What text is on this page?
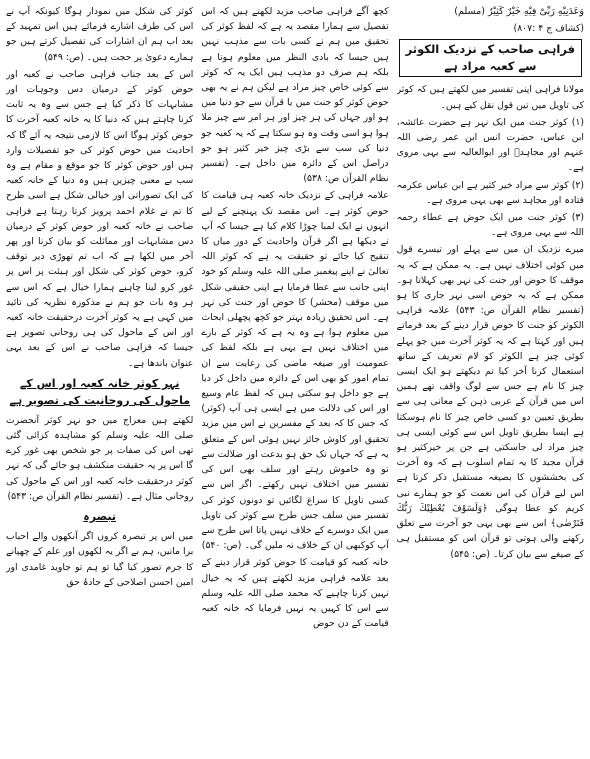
وَعَدَنِیْهِ رَبِّیْ فِیْهِ خَیْرٌ كَثِیْرٌ (مسلم)

(کشاف ج ۴ :۸۰۷)

فراہی صاحب کے نزدیک الکوثر سے کعبہ مراد ہے

مولانا فراہی اپنی تفسیر میں لکھتے ہیں کہ کوثر کی تاویل میں تین قول نقل کیے ہیں۔

(۱) کوثر جنت میں ایک نہر ہے حضرت عائشہ، ابن عباس، حضرت انس ابن عمر رضی اللہ عنہم اور مجاہدؒ اور ابوالعالیہ سے یہی مروی ہے۔

(۲) کوثر سے مراد خیر کثیر ہے ابن عباس عکرمہ قتادہ اور مجاہد سے بھی یہی مروی ہے۔

(۳) کوثر جنت میں ایک حوض ہے عطاء رحمہ اللہ سے یہی مروی ہے۔

میرے نزدیک ان میں سے پہلے اور تیسرے قول میں کوئی اختلاف نہیں ہے۔ یہ ممکن ہے کہ یہ موقف کا حوض اور جنت کی نہر بھی کہلاتا ہو۔ ممکن ہے کہ یہ حوض اسی نہر جاری کا ہو (تفسیر نظام القرآن ص: ۵۴۳) علامہ فراہی الکوثر کو جنت کا حوض قرار دینے کے بعد فرماتے ہیں اور کہتا ہے کہ یہ کوثر آخرت میں جو پہلے کوئی چیز ہے الکوثر کو لام تعریف کے ساتھ استعمال کرنا آخر کیا تم دیکھتے ہو ایک ایسی چیز کا نام ہے جس سے لوگ واقف تھے ہمیں اس میں قرآن کے عربی ذہن کے معانی ہی سے بطریق تعیین دو کسی خاص چیز کا نام ہوسکتا ہے ایسا بطریق تاویل اس سے کوئی ایسی ہی چیز مراد لی جاسکتی ہے جن پر خیرکثیر ہو قرآن مجید کا یہ تمام اسلوب ہے کہ وہ آخرت کی بخششوں کا بصیغہ مستقبل ذکر کرتا ہے اس لیے قرآن کی اس نعمت کو جو ہمارے نبی کریم کو عطا ہوگی ﴿وَلَسَوْفَ یُعْطِیْكَ رَبُّكَ فَتَرْضٰى﴾ اس سے بھی یہی جو آخرت سے تعلق رکھنے والی ہوتی تو قرآن اس کو مستقبل ہی کے صیغے سے بیان کرتا۔ (ص: ۵۴۵)

کچھ آگے فراہی صاحب مزید لکھتے ہیں کہ اس تفصیل سے ہمارا مقصد یہ ہے کہ لفظ کوثر کی تحقیق میں ہم نے کسی بات سے مذہب نہیں ہیں جیسا کہ بادی النظر میں معلوم ہوتا ہے بلکہ ہم صرف دو مذہب ہیں ایک یہ کہ کوثر سے کوئی خاص چیز مراد ہے لیکن ہم نے یہ بھی حوض کوثر کو جنت میں یا قرآن سے جو دنیا میں ہو اور جہاں کی ہر چیز اور ہر امر سے چیز ملا ہوا ہو اسی وقت وہ ہو سکتا ہے کہ یہ کعبہ جو دنیا کی سب سے بڑی چیز خیر کثیر ہو جو دراصل اس کے دائرہ میں داخل ہے۔ (تفسیر نظام القرآن ص: ۵۳۸)

علامہ فراہی کے نزدیک خانہ کعبہ ہی قیامت کا حوض کوثر ہے۔ اس مقصد تک پہنچنے کے لیے انہوں نے ایک لمبا چوڑا کلام کیا ہے جیسا کہ آپ نے دیکھا ہے اگر قرآن واحادیث کے دور میاں کا تنقیح کیا جائے تو حقیقت یہ ہے کہ کوثر اللہ تعالیٰ نے اپنے پیغمبر صلی اللہ علیہ وسلم کو خود اپنی جانب سے عطا فرمایا ہے اپنی حقیقی شکل میں موقف (محشر) کا حوض اور جنت کی نہر ہے۔ اس تحقیق زیادہ بہتر جو کچھ پچھلی ابحاث میں معلوم ہوا ہے وہ یہ ہے کہ کوثر کے بارے میں اختلاف نہیں ہے یہی ہے بلکہ لفظ کی عمومیت اور صیغہ ماضی کی رعایت سے ان تمام امور کو بھی اس کے دائرہ میں داخل کر دیا ہے جو داخل ہو سکتی ہیں کہ لفظ عام وسیع اور اس کی دلالت میں ہے ایسی ہی آپ (کوثر) کہ جس کا کہ بعد کے مفسرین نے اس میں مزید تحقیق اور کاوش جائز نہیں ہوئی اس کے متعلق یہ ہے کہ جہاں تک حق ہو بدعت اور ضلالت سے تو وہ خاموش رہتے اور سلف بھی اس کی تفسیر میں اختلاف نہیں رکھتے۔ اگر اس سے کسی تاویل کا سراغ لگائیں تو دونوں کوثر کی تفسیر میں سلف جس طرح سے کوثر کی تاویل میں ایک دوسرے کے خلاف نہیں پاتا اس طرح سے آپ کوکبھی ان کے خلاف نہ ملیں گی۔ (ص: ۵۴۰)

خانہ کعبہ کو قیامت کا حوض کوثر قرار دینے کے بعد علامہ فراہی مزید لکھتے ہیں کہ یہ خیال نہیں کرنا چاہیے کہ محمد صلی اللہ علیہ وسلم سے اس کا کہیں یہ نہیں فرمایا کہ خانہ کعبہ قیامت کے دن حوض

کوثر کی شکل میں نمودار ہوگا کیونکہ آپ نے اس کی طرف اشارے فرمائے ہیں اس تمہید کے بعد اب ہم ان اشارات کی تفصیل کرتے ہیں جو ہمارے دعویٰ پر حجت ہیں۔ (ص: ۵۴۹)

اس کے بعد جناب فراہی صاحب نے کعبہ اور حوض کوثر کے درمیان دس وجوہات اور مشابہات کا ذکر کیا ہے جس سے وہ یہ ثابت کرنا چاہتے ہیں کہ دنیا کا یہ خانہ کعبہ آخرت کا حوض کوثر ہوگا اس کا لازمی نتیجہ یہ آئے گا کہ احادیث میں حوض کوثر کی جو تفصیلات وارد ہیں اور حوض کوثر کا جو موقع و مقام ہے وہ سب بے معنی چیزیں ہیں وہ دنیا کے خانہ کعبہ کی ایک تصوراتی اور خیالی شکل ہے اسی طرح کا تم نے غلام احمد پرویز کرتا رہتا ہے فراہی صاحب نے خانہ کعبہ اور حوض کوثر کے درمیان دس مشابہات اور مماثلت کو بیان کرنا اور پھر آخر میں لکھا ہے کہ اب تم تھوڑی دیر توقف کرو، حوض کوثر کی شکل اور ہیئت پر اس پر غور کرو لینا چاہیے ہمارا خیال ہے کہ اس سے ہر وہ بات جو ہم نے مذکورہ نظریہ کی تائید میں کہی ہے یہ کوثر آخرت درحقیقت خانہ کعبہ اور اس کے ماحول کی ہی روحانی تصویر ہے جیسا کہ فراہی صاحب نے اس کے بعد یہی عنوان باندھا ہے۔

نہر کوثر خانہ کعبہ اور اس کے ماحول کی روحانیت کی تصویر ہے

لکھتے ہیں معراج میں جو نہر کوثر آنحضرت صلی اللہ علیہ وسلم کو مشاہدہ کرائی گئی تھی اس کی صفات پر جو شخص بھی غور کرے گا اس پر یہ حقیقت منکشف ہو جائے گی کہ نہر کوثر درحقیقت خانہ کعبہ اور اس کے ماحول کی روحانی مثال ہے۔ (تفسیر نظام القرآن ص: ۵۴۳)

تبصرہ

میں اس پر تبصرہ کروں اگر آنکھوں والے احباب برا مانیں، ہم بے اگر یہ لکھوں اور علم کے چھپانے کا جرم تصور کیا گیا تو ہم تو جاوید غامدی اور امین احسن اصلاحی کے جادۂ حق
